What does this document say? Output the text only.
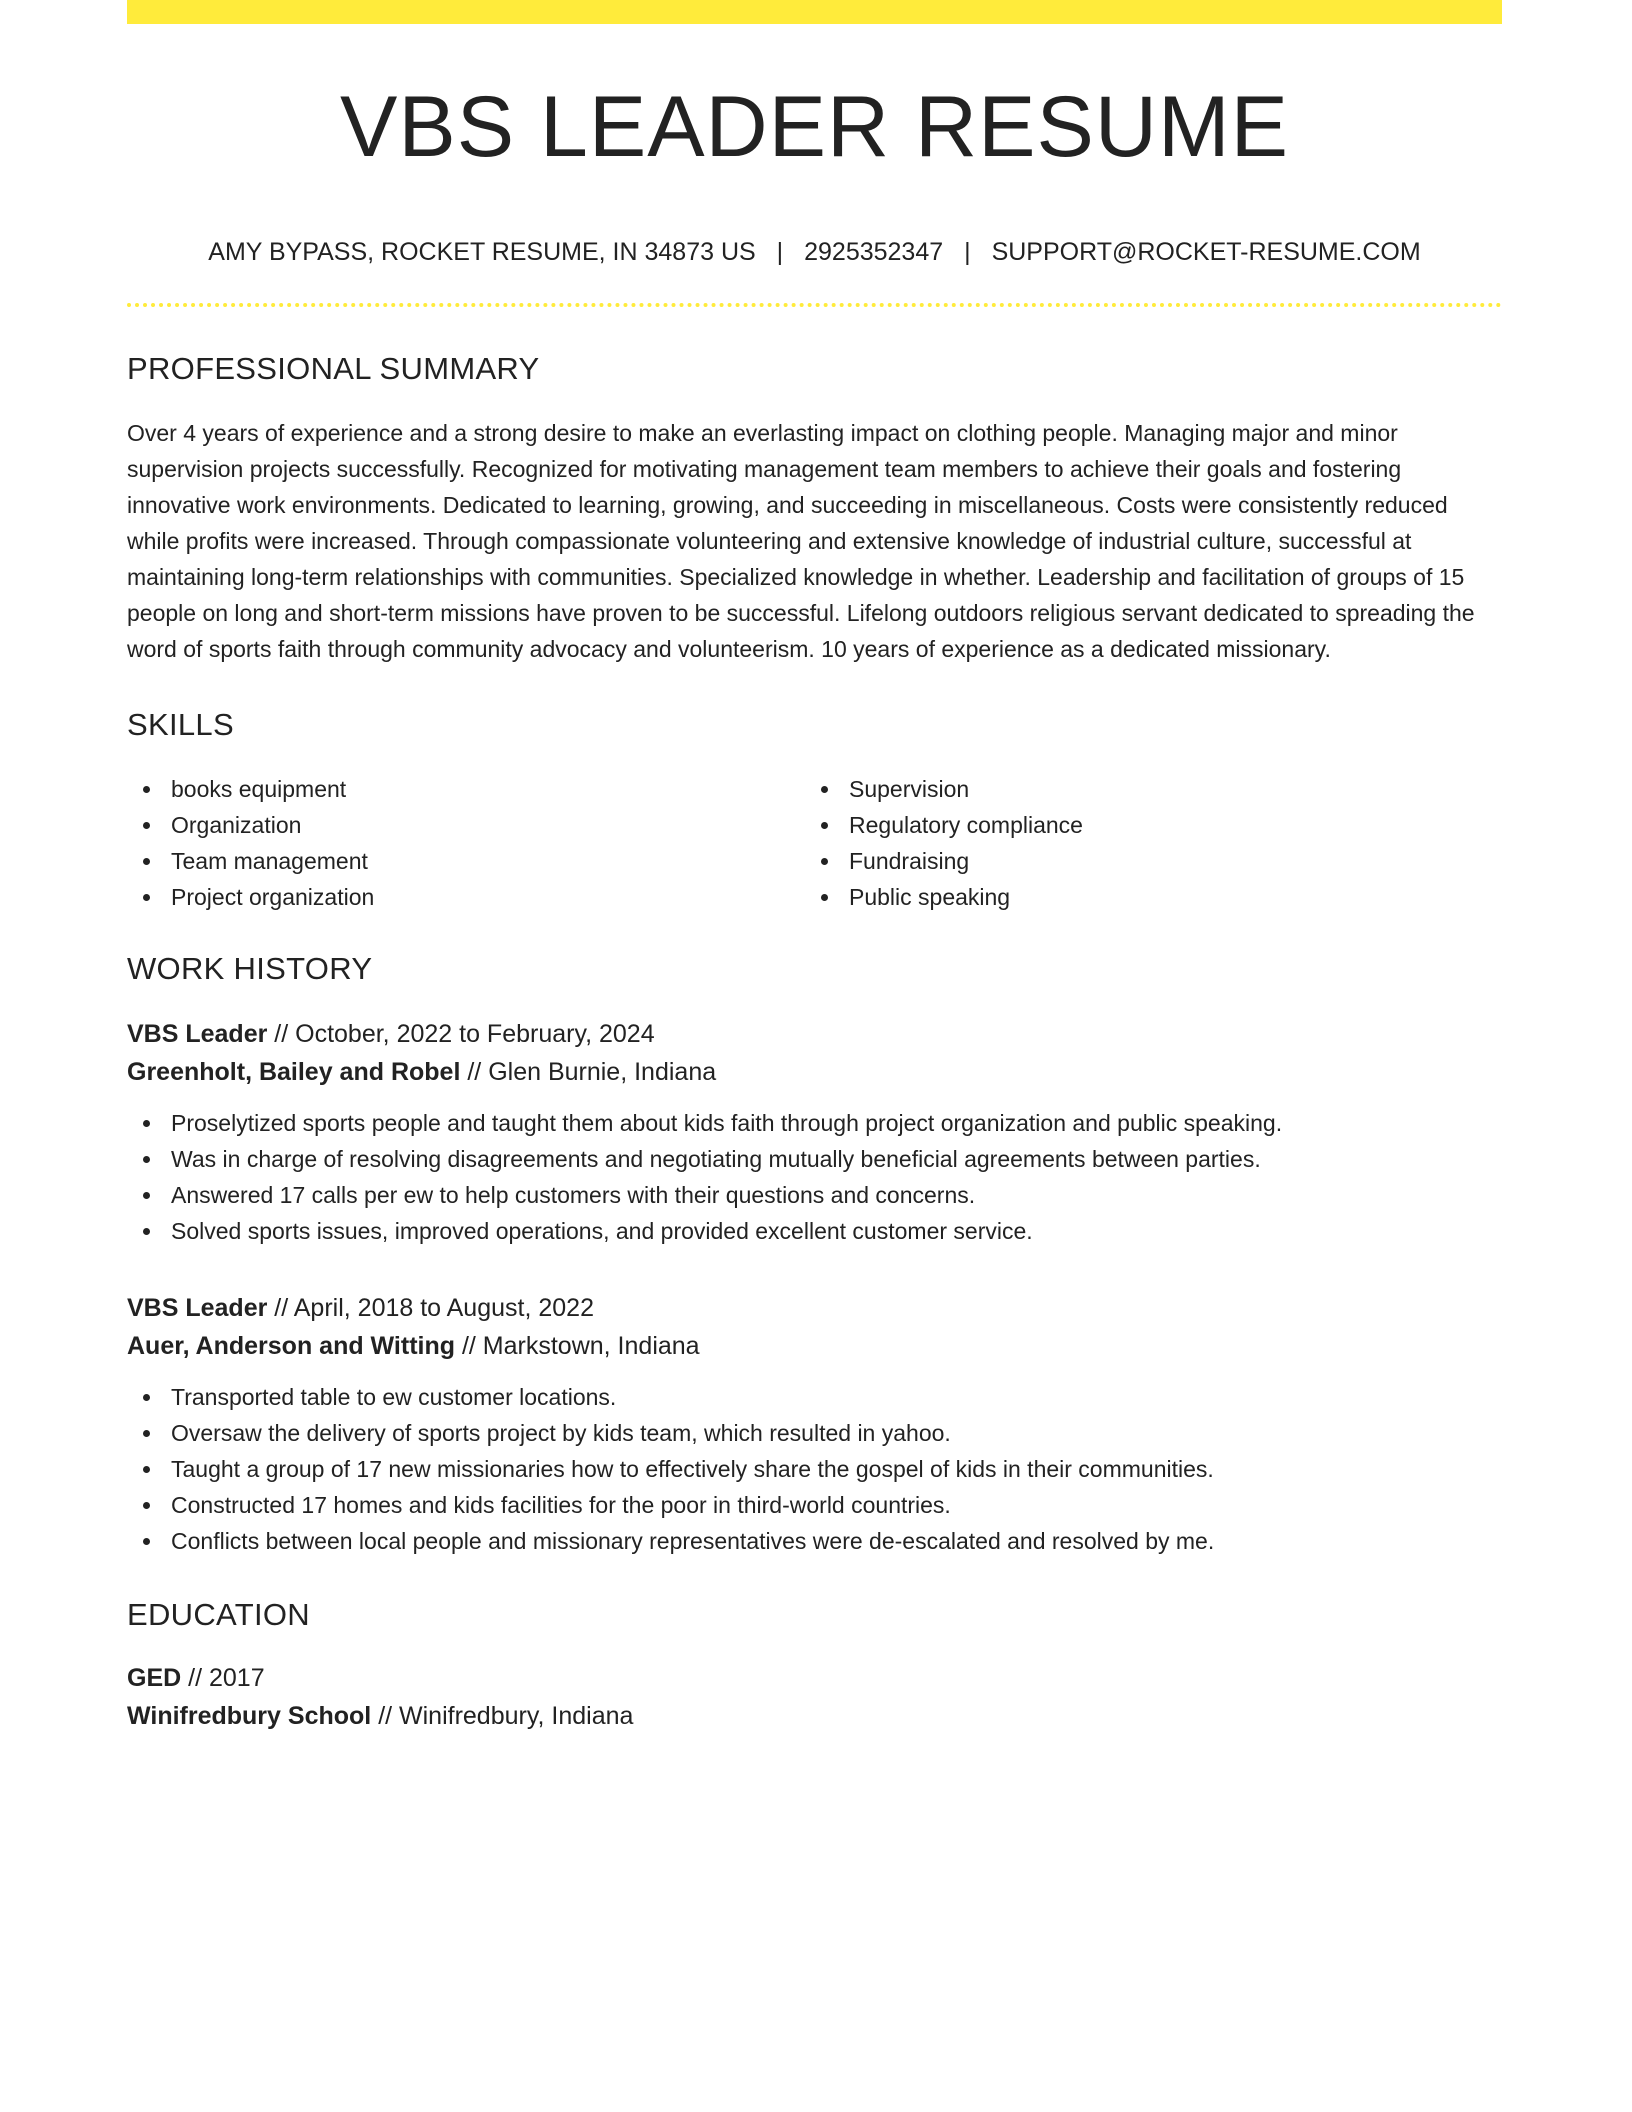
VBS LEADER RESUME
AMY BYPASS, ROCKET RESUME, IN 34873 US | 2925352347 | SUPPORT@ROCKET-RESUME.COM
PROFESSIONAL SUMMARY
Over 4 years of experience and a strong desire to make an everlasting impact on clothing people. Managing major and minor supervision projects successfully. Recognized for motivating management team members to achieve their goals and fostering innovative work environments. Dedicated to learning, growing, and succeeding in miscellaneous. Costs were consistently reduced while profits were increased. Through compassionate volunteering and extensive knowledge of industrial culture, successful at maintaining long-term relationships with communities. Specialized knowledge in whether. Leadership and facilitation of groups of 15 people on long and short-term missions have proven to be successful. Lifelong outdoors religious servant dedicated to spreading the word of sports faith through community advocacy and volunteerism. 10 years of experience as a dedicated missionary.
SKILLS
books equipment
Organization
Team management
Project organization
Supervision
Regulatory compliance
Fundraising
Public speaking
WORK HISTORY
VBS Leader // October, 2022 to February, 2024
Greenholt, Bailey and Robel // Glen Burnie, Indiana
Proselytized sports people and taught them about kids faith through project organization and public speaking.
Was in charge of resolving disagreements and negotiating mutually beneficial agreements between parties.
Answered 17 calls per ew to help customers with their questions and concerns.
Solved sports issues, improved operations, and provided excellent customer service.
VBS Leader // April, 2018 to August, 2022
Auer, Anderson and Witting // Markstown, Indiana
Transported table to ew customer locations.
Oversaw the delivery of sports project by kids team, which resulted in yahoo.
Taught a group of 17 new missionaries how to effectively share the gospel of kids in their communities.
Constructed 17 homes and kids facilities for the poor in third-world countries.
Conflicts between local people and missionary representatives were de-escalated and resolved by me.
EDUCATION
GED // 2017
Winifredbury School // Winifredbury, Indiana
